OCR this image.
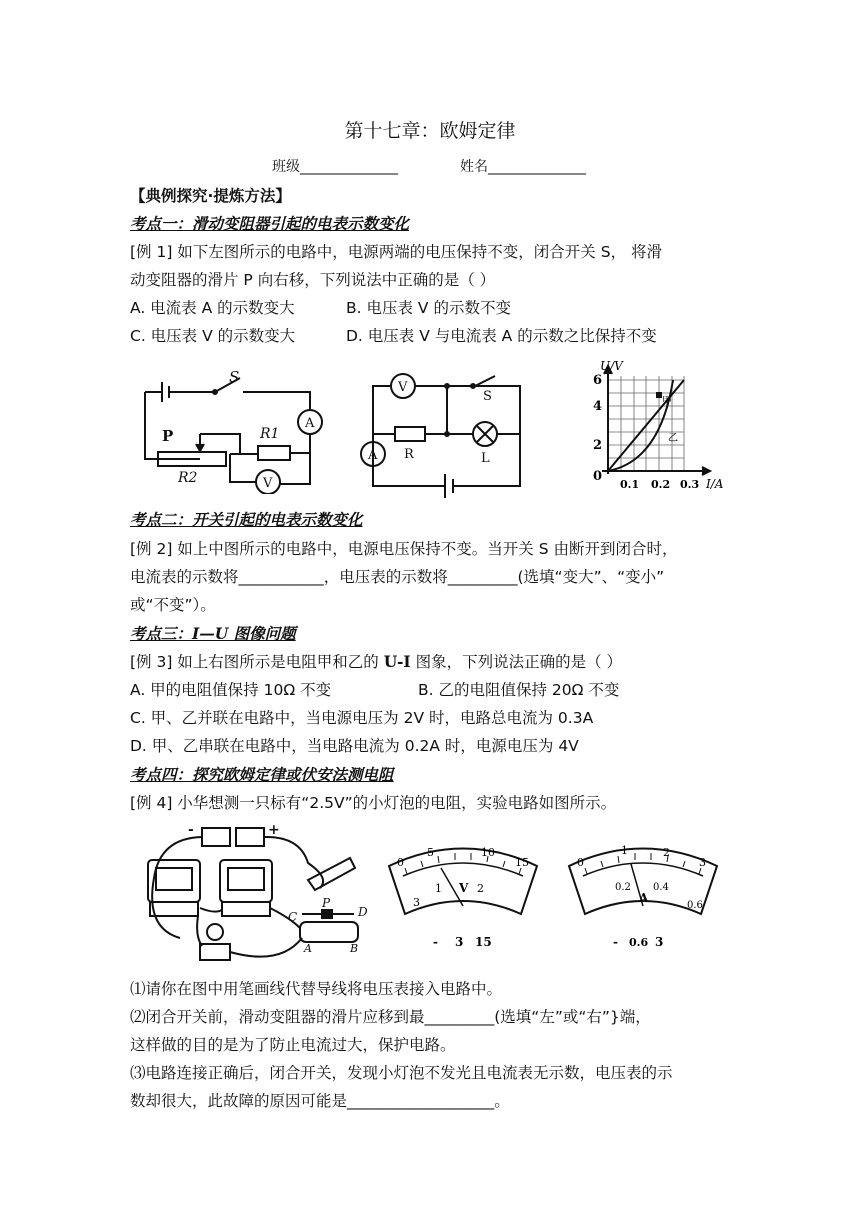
第十七章：欧姆定律
班级______________	姓名______________
【典例探究·提炼方法】
考点一：滑动变阻器引起的电表示数变化
[例 1] 如下左图所示的电路中，电源两端的电压保持不变，闭合开关 S， 将滑
动变阻器的滑片 P 向右移，下列说法中正确的是（ ）
A. 电流表 A 的示数变大	B. 电压表 V 的示数不变
C. 电压表 V 的示数变大	D. 电压表 V 与电流表 A 的示数之比保持不变
S
P	R1
R2
A
V
V
S
R	L
A
U/V
I/A
6
4
2
0
0.1 0.2 0.3
甲
乙
考点二：开关引起的电表示数变化
[例 2] 如上中图所示的电路中，电源电压保持不变。当开关 S 由断开到闭合时，
电流表的示数将___________，电压表的示数将_________(选填“变大”、“变小”
或“不变”）。
考点三：I—U 图像问题
[例 3] 如上右图所示是电阻甲和乙的 U-I 图象，下列说法正确的是（ ）
A. 甲的电阻值保持 10Ω 不变	B. 乙的电阻值保持 20Ω 不变
C. 甲、乙并联在电路中，当电源电压为 2V 时，电路总电流为 0.3A
D. 甲、乙串联在电路中，当电路电流为 0.2A 时，电源电压为 4V
考点四：探究欧姆定律或伏安法测电阻
[例 4] 小华想测一只标有“2.5V”的小灯泡的电阻，实验电路如图所示。
-	+
C
P
D
A	B
0
5	10
15
1	2
3
V
- 3 15
0
1	2
3
0.2 0.4
0.6
A
- 0.6 3
⑴请你在图中用笔画线代替导线将电压表接入电路中。
⑵闭合开关前，滑动变阻器的滑片应移到最_________(选填“左”或“右”}端，
这样做的目的是为了防止电流过大，保护电路。
⑶电路连接正确后，闭合开关，发现小灯泡不发光且电流表无示数，电压表的示
数却很大，此故障的原因可能是___________________。
